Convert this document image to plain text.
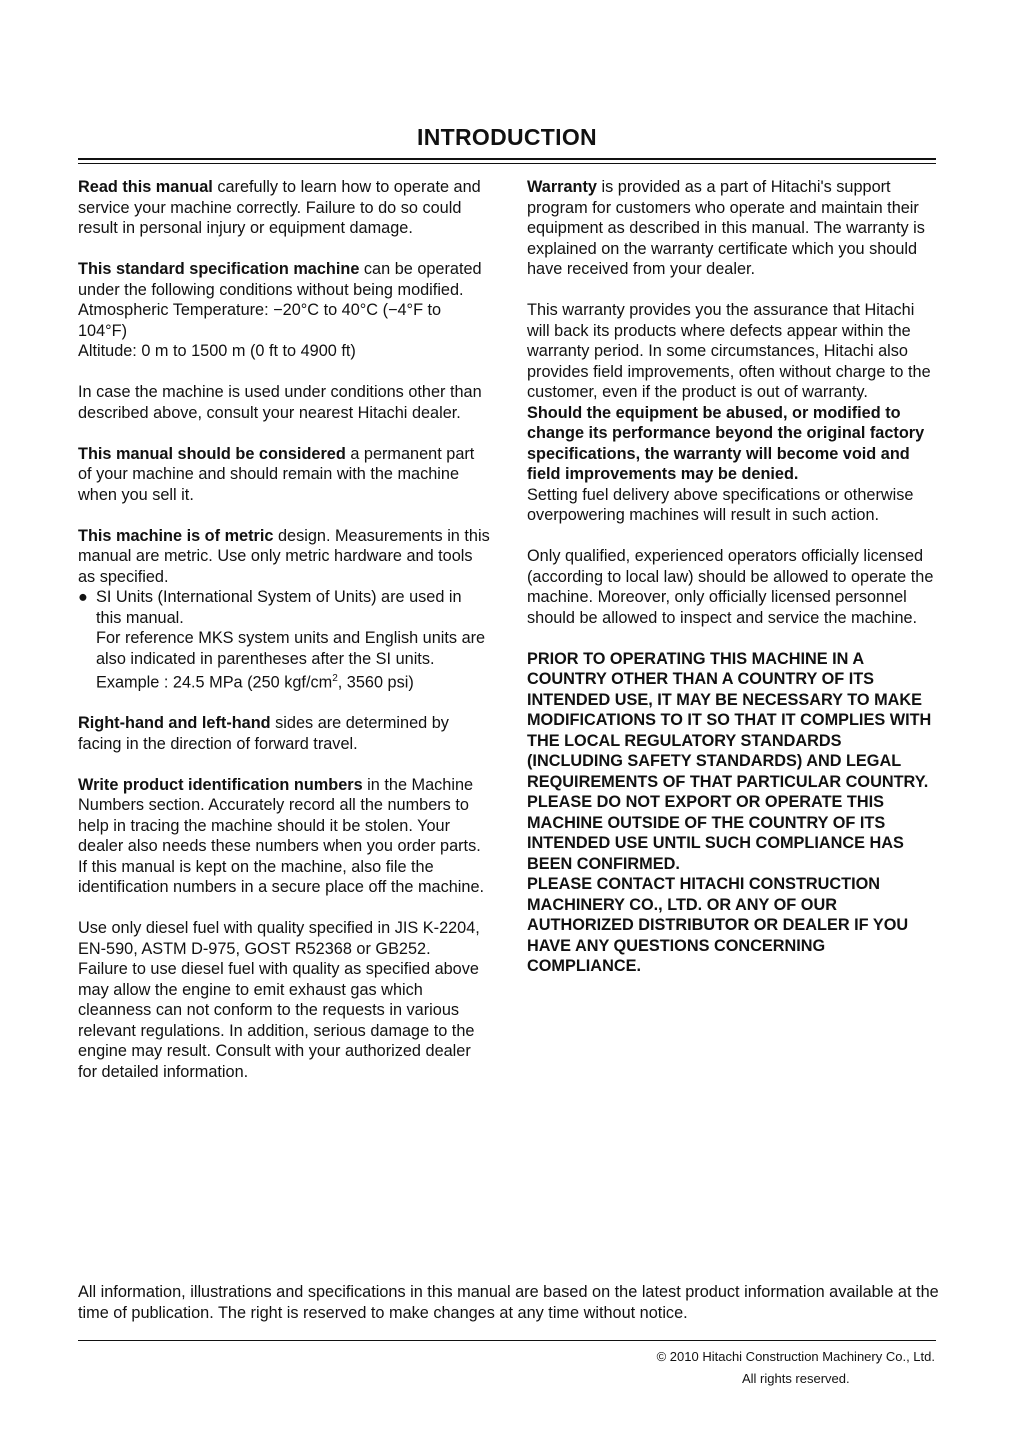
INTRODUCTION

Read this manual carefully to learn how to operate and service your machine correctly. Failure to do so could result in personal injury or equipment damage.

This standard specification machine can be operated under the following conditions without being modified.

Atmospheric Temperature: −20°C to 40°C (−4°F to 104°F)

Altitude: 0 m to 1500 m (0 ft to 4900 ft)

In case the machine is used under conditions other than described above, consult your nearest Hitachi dealer.

This manual should be considered a permanent part of your machine and should remain with the machine when you sell it.

This machine is of metric design. Measurements in this manual are metric. Use only metric hardware and tools as specified.

● SI Units (International System of Units) are used in this manual.
For reference MKS system units and English units are also indicated in parentheses after the SI units.
Example : 24.5 MPa (250 kgf/$cm^2$, 3560 psi)

Right-hand and left-hand sides are determined by facing in the direction of forward travel.

Write product identification numbers in the Machine Numbers section. Accurately record all the numbers to help in tracing the machine should it be stolen. Your dealer also needs these numbers when you order parts. If this manual is kept on the machine, also file the identification numbers in a secure place off the machine.

Use only diesel fuel with quality specified in JIS K-2204, EN-590, ASTM D-975, GOST R52368 or GB252.

Failure to use diesel fuel with quality as specified above may allow the engine to emit exhaust gas which cleanness can not conform to the requests in various relevant regulations. In addition, serious damage to the engine may result. Consult with your authorized dealer for detailed information.

Warranty is provided as a part of Hitachi's support program for customers who operate and maintain their equipment as described in this manual. The warranty is explained on the warranty certificate which you should have received from your dealer.

This warranty provides you the assurance that Hitachi will back its products where defects appear within the warranty period. In some circumstances, Hitachi also provides field improvements, often without charge to the customer, even if the product is out of warranty.

Should the equipment be abused, or modified to change its performance beyond the original factory specifications, the warranty will become void and field improvements may be denied.

Setting fuel delivery above specifications or otherwise overpowering machines will result in such action.

Only qualified, experienced operators officially licensed (according to local law) should be allowed to operate the machine. Moreover, only officially licensed personnel should be allowed to inspect and service the machine.

PRIOR TO OPERATING THIS MACHINE IN A COUNTRY OTHER THAN A COUNTRY OF ITS INTENDED USE, IT MAY BE NECESSARY TO MAKE MODIFICATIONS TO IT SO THAT IT COMPLIES WITH THE LOCAL REGULATORY STANDARDS (INCLUDING SAFETY STANDARDS) AND LEGAL REQUIREMENTS OF THAT PARTICULAR COUNTRY. PLEASE DO NOT EXPORT OR OPERATE THIS MACHINE OUTSIDE OF THE COUNTRY OF ITS INTENDED USE UNTIL SUCH COMPLIANCE HAS BEEN CONFIRMED.

PLEASE CONTACT HITACHI CONSTRUCTION MACHINERY CO., LTD. OR ANY OF OUR AUTHORIZED DISTRIBUTOR OR DEALER IF YOU HAVE ANY QUESTIONS CONCERNING COMPLIANCE.

All information, illustrations and specifications in this manual are based on the latest product information available at the time of publication. The right is reserved to make changes at any time without notice.

© 2010 Hitachi Construction Machinery Co., Ltd.
All rights reserved.
